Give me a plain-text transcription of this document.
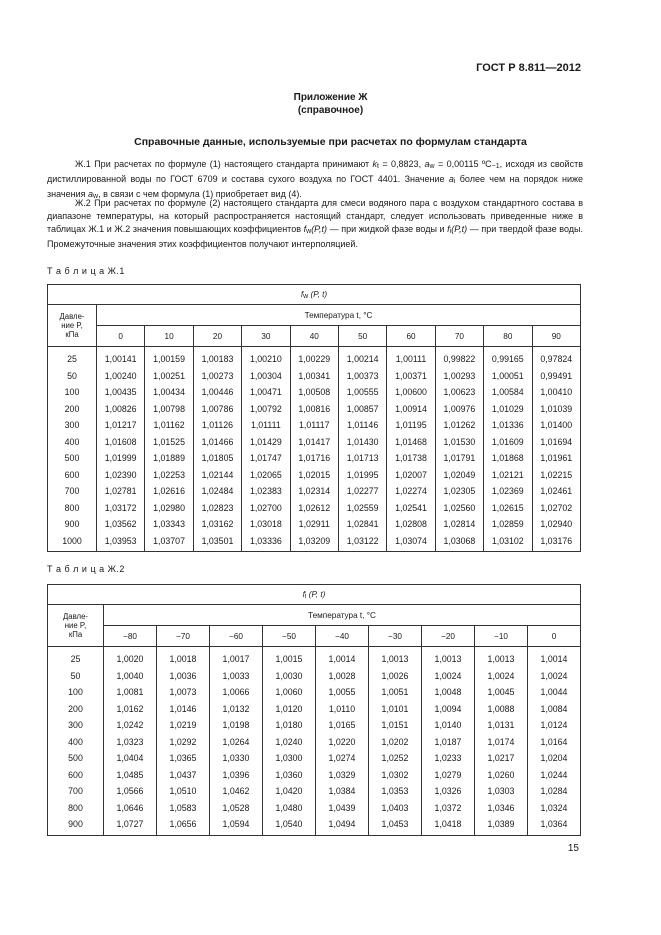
ГОСТ Р 8.811—2012
Приложение Ж
(справочное)
Справочные данные, используемые при расчетах по формулам стандарта
Ж.1 При расчетах по формуле (1) настоящего стандарта принимают $k_t = 0,8823$, $a_w = 0,00115$ ºС$^{-1}$, исходя из свойств дистиллированной воды по ГОСТ 6709 и состава сухого воздуха по ГОСТ 4401. Значение $a_i$ более чем на порядок ниже значения $a_w$, в связи с чем формула (1) приобретает вид (4).
Ж.2 При расчетах по формуле (2) настоящего стандарта для смеси водяного пара с воздухом стандартного состава в диапазоне температуры, на который распространяется настоящий стандарт, следует использовать приведенные ниже в таблицах Ж.1 и Ж.2 значения повышающих коэффициентов $f_w(P,t)$ — при жидкой фазе воды и $f_i(P,t)$ — при твердой фазе воды. Промежуточные значения этих коэффициентов получают интерполяцией.
Т а б л и ц а Ж.1
$f_w$ (P, t)										

Давле-
ние P,
кПа	Температура t, °С									
	0	10	20	30	40	50	60	70	80	90
25	1,00141	1,00159	1,00183	1,00210	1,00229	1,00214	1,00111	0,99822	0,99165	0,97824
50	1,00240	1,00251	1,00273	1,00304	1,00341	1,00373	1,00371	1,00293	1,00051	0,99491
100	1,00435	1,00434	1,00446	1,00471	1,00508	1,00555	1,00600	1,00623	1,00584	1,00410
200	1,00826	1,00798	1,00786	1,00792	1,00816	1,00857	1,00914	1,00976	1,01029	1,01039
300	1,01217	1,01162	1,01126	1,01111	1,01117	1,01146	1,01195	1,01262	1,01336	1,01400
400	1,01608	1,01525	1,01466	1,01429	1,01417	1,01430	1,01468	1,01530	1,01609	1,01694
500	1,01999	1,01889	1,01805	1,01747	1,01716	1,01713	1,01738	1,01791	1,01868	1,01961
600	1,02390	1,02253	1,02144	1,02065	1,02015	1,01995	1,02007	1,02049	1,02121	1,02215
700	1,02781	1,02616	1,02484	1,02383	1,02314	1,02277	1,02274	1,02305	1,02369	1,02461
800	1,03172	1,02980	1,02823	1,02700	1,02612	1,02559	1,02541	1,02560	1,02615	1,02702
900	1,03562	1,03343	1,03162	1,03018	1,02911	1,02841	1,02808	1,02814	1,02859	1,02940
1000	1,03953	1,03707	1,03501	1,03336	1,03209	1,03122	1,03074	1,03068	1,03102	1,03176
Т а б л и ц а Ж.2
$f_i$ (P, t)									

Давле-
ние P,
кПа	Температура t, °С								
	−80	−70	−60	−50	−40	−30	−20	−10	0
25	1,0020	1,0018	1,0017	1,0015	1,0014	1,0013	1,0013	1,0013	1,0014
50	1,0040	1,0036	1,0033	1,0030	1,0028	1,0026	1,0024	1,0024	1,0024
100	1,0081	1,0073	1,0066	1,0060	1,0055	1,0051	1,0048	1,0045	1,0044
200	1,0162	1,0146	1,0132	1,0120	1,0110	1,0101	1,0094	1,0088	1,0084
300	1,0242	1,0219	1,0198	1,0180	1,0165	1,0151	1,0140	1,0131	1,0124
400	1,0323	1,0292	1,0264	1,0240	1,0220	1,0202	1,0187	1,0174	1,0164
500	1,0404	1,0365	1,0330	1,0300	1,0274	1,0252	1,0233	1,0217	1,0204
600	1,0485	1,0437	1,0396	1,0360	1,0329	1,0302	1,0279	1,0260	1,0244
700	1,0566	1,0510	1,0462	1,0420	1,0384	1,0353	1,0326	1,0303	1,0284
800	1,0646	1,0583	1,0528	1,0480	1,0439	1,0403	1,0372	1,0346	1,0324
900	1,0727	1,0656	1,0594	1,0540	1,0494	1,0453	1,0418	1,0389	1,0364
15
